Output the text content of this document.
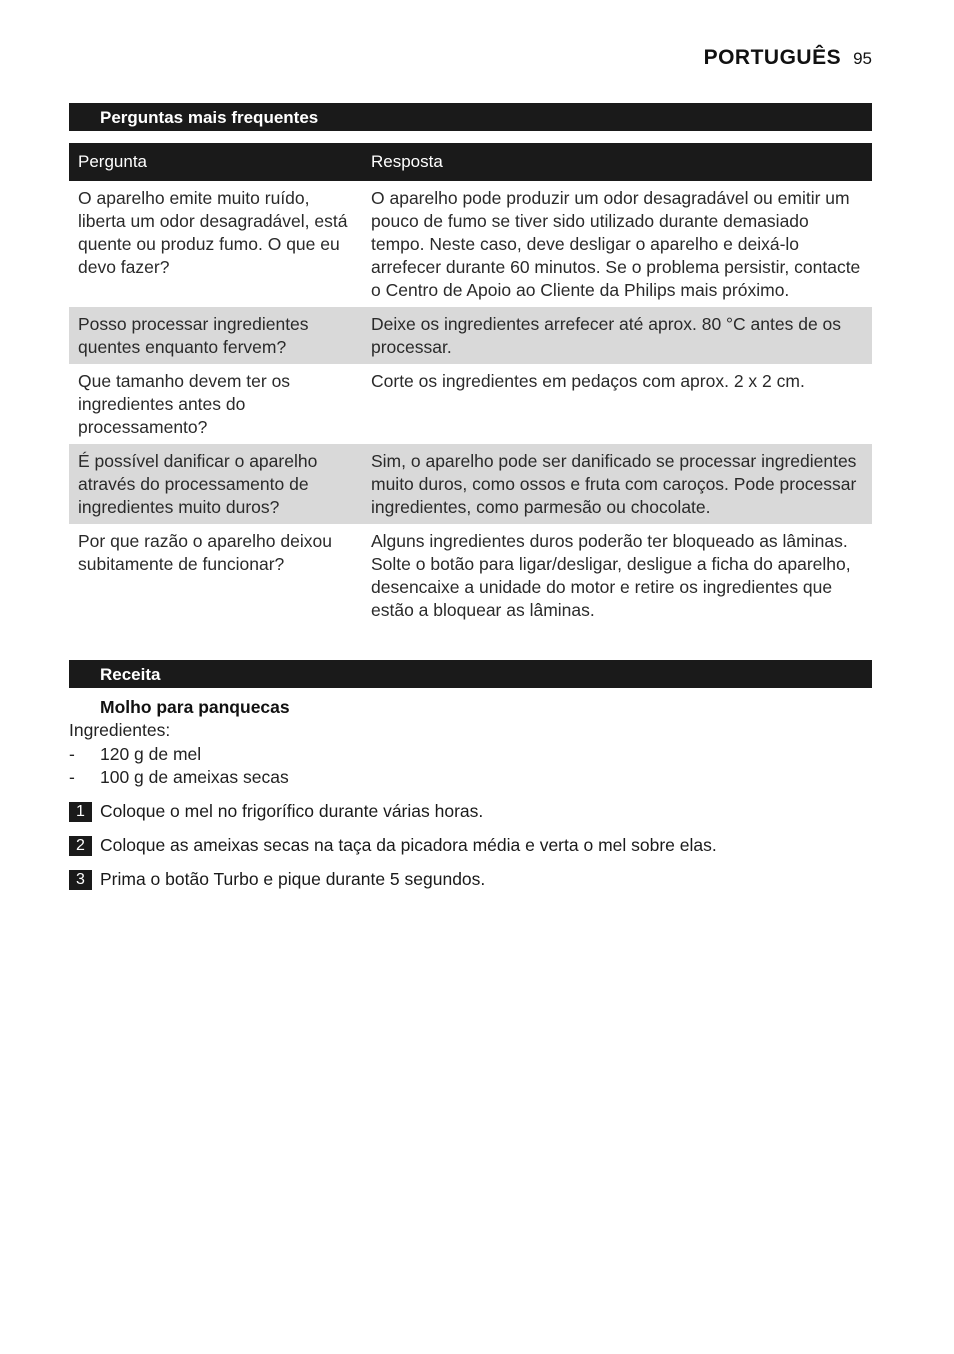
PORTUGUÊS 95
Perguntas mais frequentes
Pergunta	Resposta
O aparelho emite muito ruído, liberta um odor desagradável, está quente ou produz fumo. O que eu devo fazer?	O aparelho pode produzir um odor desagradável ou emitir um pouco de fumo se tiver sido utilizado durante demasiado tempo. Neste caso, deve desligar o aparelho e deixá-lo arrefecer durante 60 minutos. Se o problema persistir, contacte o Centro de Apoio ao Cliente da Philips mais próximo.
Posso processar ingredientes quentes enquanto fervem?	Deixe os ingredientes arrefecer até aprox. 80 °C antes de os processar.
Que tamanho devem ter os ingredientes antes do processamento?	Corte os ingredientes em pedaços com aprox. 2 x 2 cm.
É possível danificar o aparelho através do processamento de ingredientes muito duros?	Sim, o aparelho pode ser danificado se processar ingredientes muito duros, como ossos e fruta com caroços. Pode processar ingredientes, como parmesão ou chocolate.
Por que razão o aparelho deixou subitamente de funcionar?	Alguns ingredientes duros poderão ter bloqueado as lâminas. Solte o botão para ligar/desligar, desligue a ficha do aparelho, desencaixe a unidade do motor e retire os ingredientes que estão a bloquear as lâminas.
Receita
Molho para panquecas
Ingredientes:
-	120 g de mel
-	100 g de ameixas secas
1 Coloque o mel no frigorífico durante várias horas.
2 Coloque as ameixas secas na taça da picadora média e verta o mel sobre elas.
3 Prima o botão Turbo e pique durante 5 segundos.
